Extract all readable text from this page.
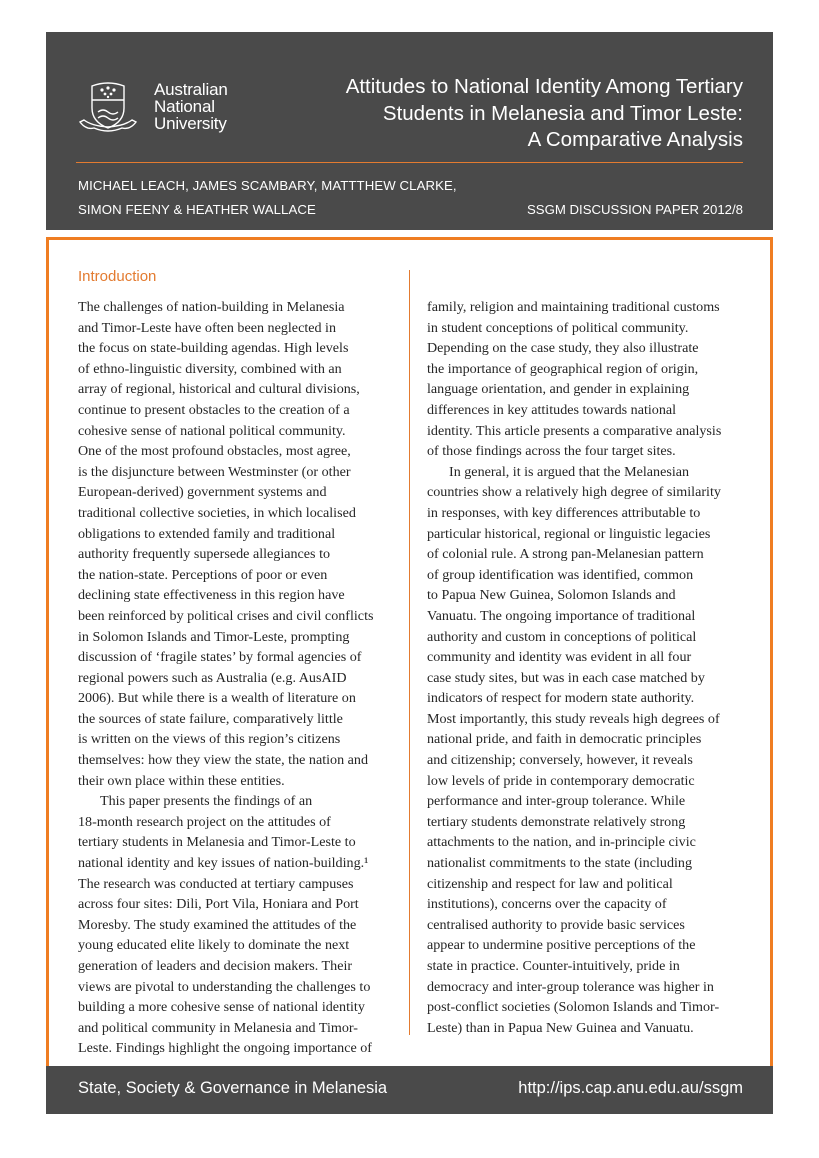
Australian
National
University
Attitudes to National Identity Among Tertiary
Students in Melanesia and Timor Leste:
A Comparative Analysis
MICHAEL LEACH, JAMES SCAMBARY, MATTTHEW CLARKE,
SIMON FEENY & HEATHER WALLACE	SSGM DISCUSSION PAPER 2012/8
Introduction

The challenges of nation-building in Melanesia
and Timor-Leste have often been neglected in
the focus on state-building agendas. High levels
of ethno-linguistic diversity, combined with an
array of regional, historical and cultural divisions,
continue to present obstacles to the creation of a
cohesive sense of national political community.
One of the most profound obstacles, most agree,
is the disjuncture between Westminster (or other
European-derived) government systems and
traditional collective societies, in which localised
obligations to extended family and traditional
authority frequently supersede allegiances to
the nation-state. Perceptions of poor or even
declining state effectiveness in this region have
been reinforced by political crises and civil conflicts
in Solomon Islands and Timor-Leste, prompting
discussion of ‘fragile states’ by formal agencies of
regional powers such as Australia (e.g. AusAID
2006). But while there is a wealth of literature on
the sources of state failure, comparatively little
is written on the views of this region’s citizens
themselves: how they view the state, the nation and
their own place within these entities.

This paper presents the findings of an
18-month research project on the attitudes of
tertiary students in Melanesia and Timor-Leste to
national identity and key issues of nation-building.¹
The research was conducted at tertiary campuses
across four sites: Dili, Port Vila, Honiara and Port
Moresby. The study examined the attitudes of the
young educated elite likely to dominate the next
generation of leaders and decision makers. Their
views are pivotal to understanding the challenges to
building a more cohesive sense of national identity
and political community in Melanesia and Timor-
Leste. Findings highlight the ongoing importance of

family, religion and maintaining traditional customs
in student conceptions of political community.
Depending on the case study, they also illustrate
the importance of geographical region of origin,
language orientation, and gender in explaining
differences in key attitudes towards national
identity. This article presents a comparative analysis
of those findings across the four target sites.

In general, it is argued that the Melanesian
countries show a relatively high degree of similarity
in responses, with key differences attributable to
particular historical, regional or linguistic legacies
of colonial rule. A strong pan-Melanesian pattern
of group identification was identified, common
to Papua New Guinea, Solomon Islands and
Vanuatu. The ongoing importance of traditional
authority and custom in conceptions of political
community and identity was evident in all four
case study sites, but was in each case matched by
indicators of respect for modern state authority.
Most importantly, this study reveals high degrees of
national pride, and faith in democratic principles
and citizenship; conversely, however, it reveals
low levels of pride in contemporary democratic
performance and inter-group tolerance. While
tertiary students demonstrate relatively strong
attachments to the nation, and in-principle civic
nationalist commitments to the state (including
citizenship and respect for law and political
institutions), concerns over the capacity of
centralised authority to provide basic services
appear to undermine positive perceptions of the
state in practice. Counter-intuitively, pride in
democracy and inter-group tolerance was higher in
post-conflict societies (Solomon Islands and Timor-
Leste) than in Papua New Guinea and Vanuatu.

State, Society & Governance in Melanesia	http://ips.cap.anu.edu.au/ssgm
